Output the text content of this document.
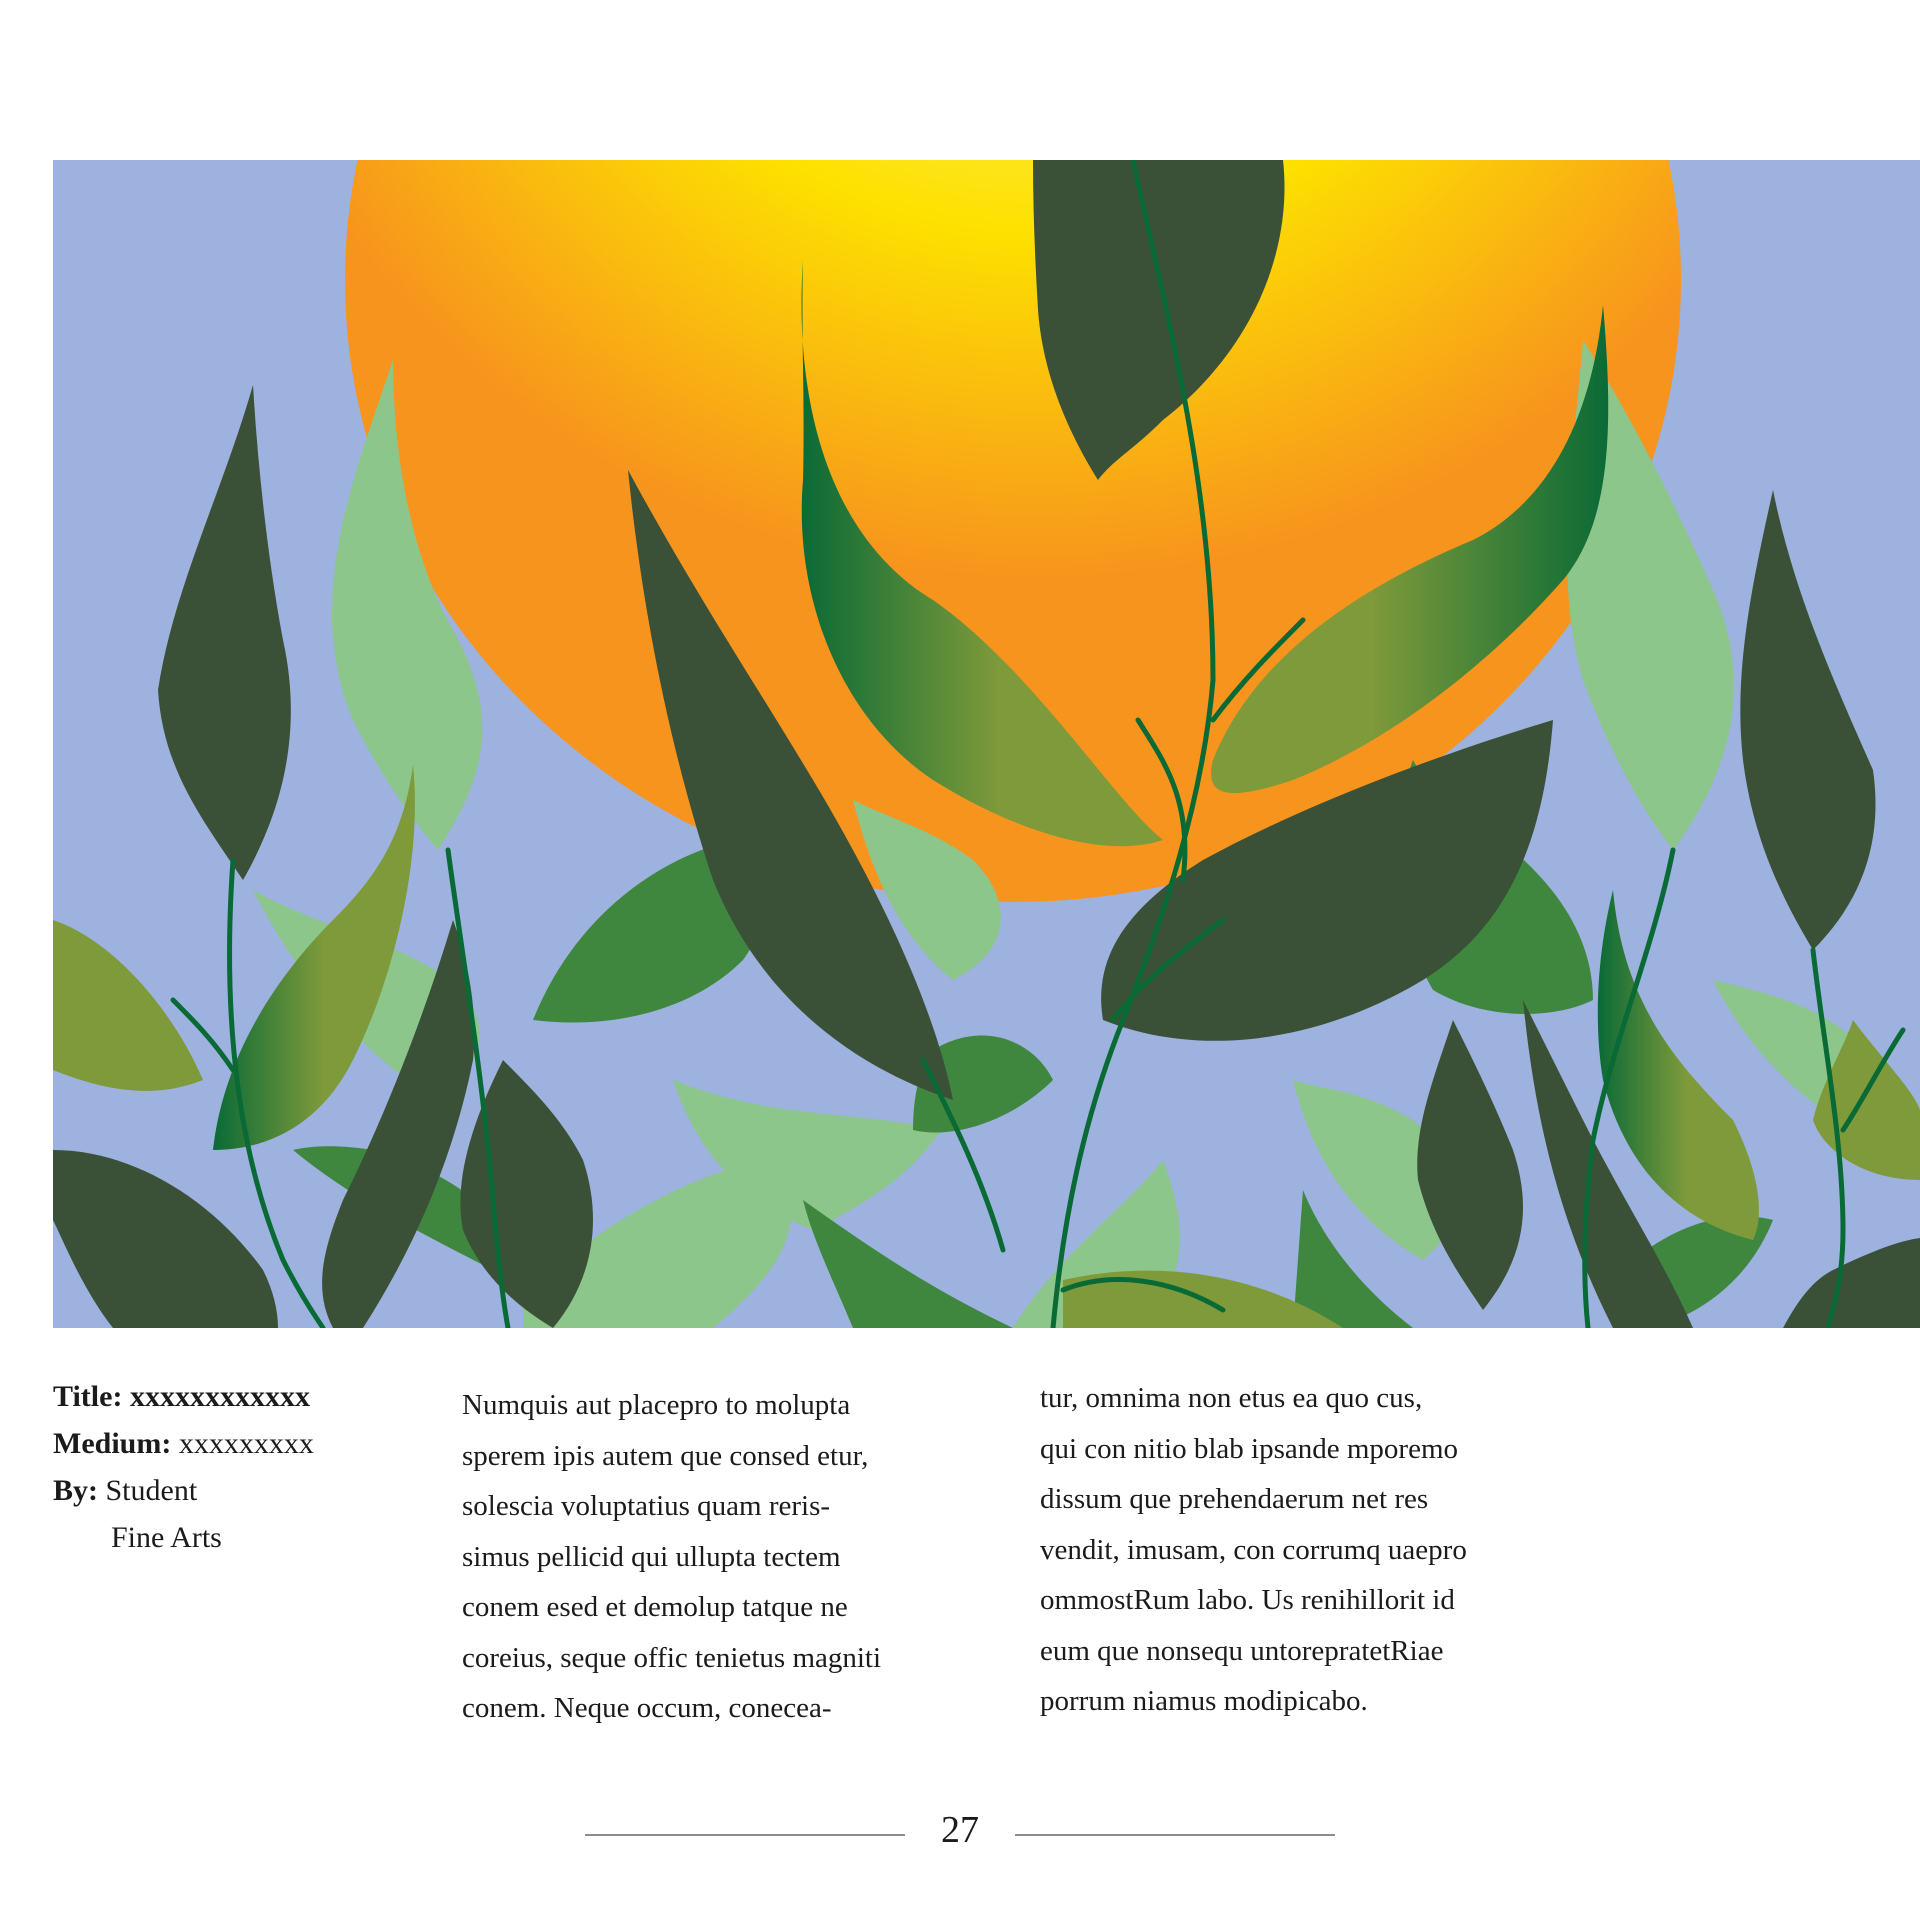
Title: xxxxxxxxxxxx
Medium: xxxxxxxxx
By: Student
Fine Arts

Numquis aut placepro to molupta
sperem ipis autem que consed etur,
solescia voluptatius quam reris-
simus pellicid qui ullupta tectem
conem esed et demolup tatque ne
coreius, seque offic tenietus magniti
conem. Neque occum, conecea-

tur, omnima non etus ea quo cus,
qui con nitio blab ipsande mporemo
dissum que prehendaerum net res
vendit, imusam, con corrumq uaepro
ommostRum labo. Us renihillorit id
eum que nonsequ untorepratetRiae
porrum niamus modipicabo.

27
